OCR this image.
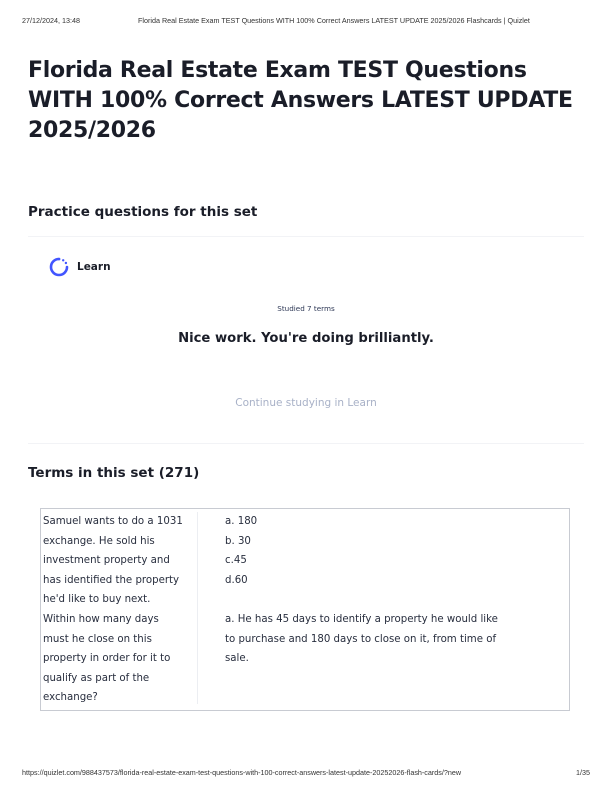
27/12/2024, 13:48	Florida Real Estate Exam TEST Questions WITH 100% Correct Answers LATEST UPDATE 2025/2026 Flashcards | Quizlet
Florida Real Estate Exam TEST Questions WITH 100% Correct Answers LATEST UPDATE 2025/2026
Practice questions for this set
Learn
Studied 7 terms
Nice work. You're doing brilliantly.
Continue studying in Learn
Terms in this set (271)
Samuel wants to do a 1031
exchange. He sold his
investment property and
has identified the property
he'd like to buy next.
Within how many days
must he close on this
property in order for it to
qualify as part of the
exchange?
a. 180
b. 30
c.45
d.60
a. He has 45 days to identify a property he would like
to purchase and 180 days to close on it, from time of
sale.
https://quizlet.com/988437573/florida-real-estate-exam-test-questions-with-100-correct-answers-latest-update-20252026-flash-cards/?new	1/35
